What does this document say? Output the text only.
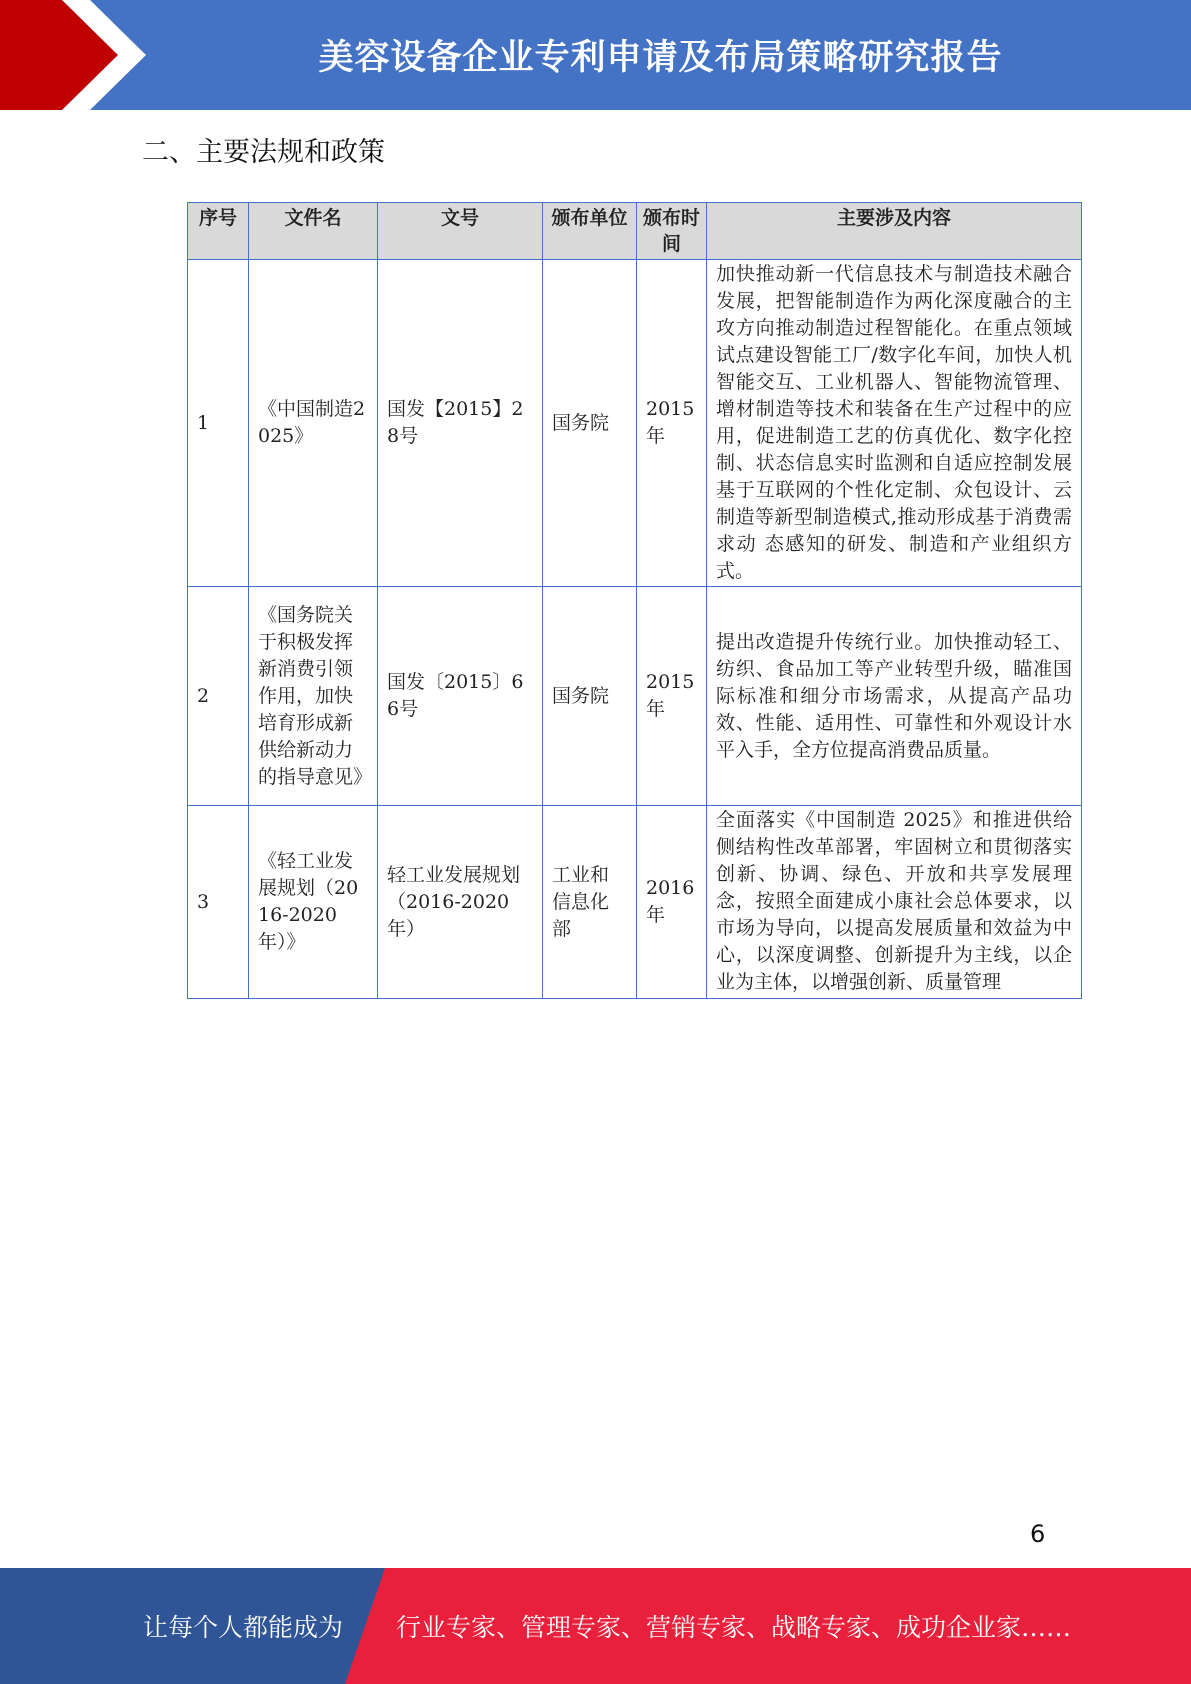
美容设备企业专利申请及布局策略研究报告
二、主要法规和政策
序号	文件名	文号	颁布单位	颁布时间	主要涉及内容
1	《中国制造2025》	国发【2015】28号	国务院	2015年	加快推动新一代信息技术与制造技术融合发展，把智能制造作为两化深度融合的主攻方向推动制造过程智能化。在重点领域试点建设智能工厂/数字化车间，加快人机智能交互、工业机器人、智能物流管理、增材制造等技术和装备在生产过程中的应用，促进制造工艺的仿真优化、数字化控制、状态信息实时监测和自适应控制发展基于互联网的个性化定制、众包设计、云制造等新型制造模式,推动形成基于消费需求动 态感知的研发、制造和产业组织方式。
2	《国务院关于积极发挥新消费引领作用，加快培育形成新供给新动力的指导意见》	国发〔2015〕66号	国务院	2015年	提出改造提升传统行业。加快推动轻工、纺织、食品加工等产业转型升级，瞄准国际标准和细分市场需求，从提高产品功效、性能、适用性、可靠性和外观设计水平入手，全方位提高消费品质量。
3	《轻工业发展规划（2016-2020年）》	轻工业发展规划（2016-2020年）	工业和信息化部	2016年	全面落实《中国制造 2025》和推进供给侧结构性改革部署，牢固树立和贯彻落实创新、协调、绿色、开放和共享发展理念，按照全面建成小康社会总体要求，以市场为导向，以提高发展质量和效益为中心，以深度调整、创新提升为主线，以企业为主体，以增强创新、质量管理
6
让每个人都能成为 行业专家、管理专家、营销专家、战略专家、成功企业家……
